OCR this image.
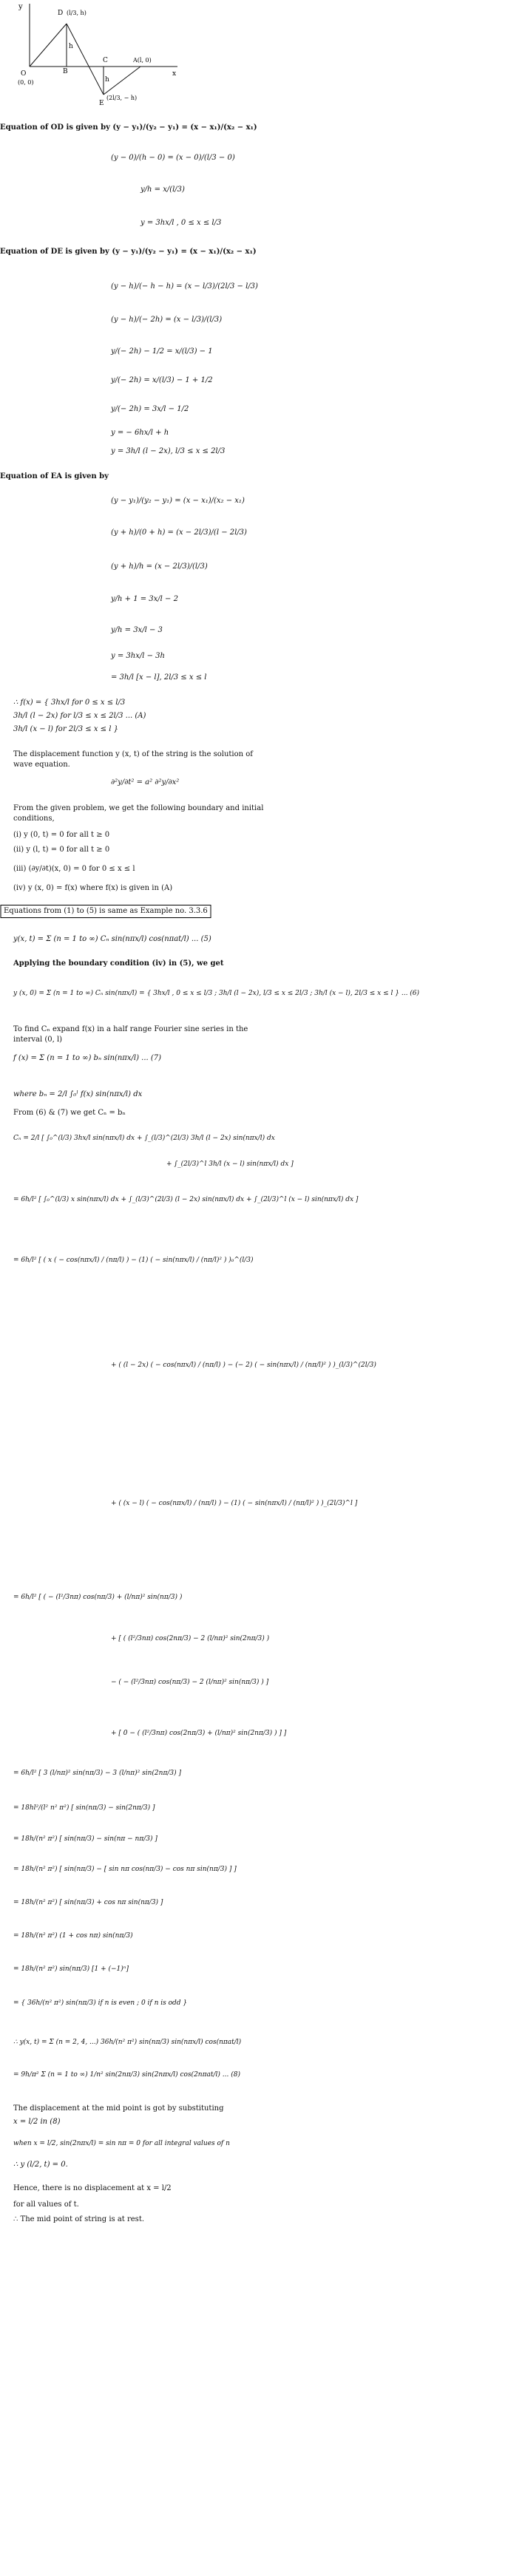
y
O
(0, 0)
B
D (l/3, h)
C	A(l, 0)
E
(2l/3, − h)
x
h
h
Equation of OD is given by (y − y₁)/(y₂ − y₁) = (x − x₁)/(x₂ − x₁)
(y − 0)/(h − 0) = (x − 0)/(l/3 − 0)
y/h = x/(l/3)
y = 3hx/l , 0 ≤ x ≤ l/3
Equation of DE is given by (y − y₁)/(y₂ − y₁) = (x − x₁)/(x₂ − x₁)
(y − h)/(− h − h) = (x − l/3)/(2l/3 − l/3)
(y − h)/(− 2h) = (x − l/3)/(l/3)
y/(− 2h) − 1/2 = x/(l/3) − 1
y/(− 2h) = x/(l/3) − 1 + 1/2
y/(− 2h) = 3x/l − 1/2
y = − 6hx/l + h
y = 3h/l (l − 2x), l/3 ≤ x ≤ 2l/3
Equation of EA is given by
(y − y₁)/(y₂ − y₁) = (x − x₁)/(x₂ − x₁)
(y + h)/(0 + h) = (x − 2l/3)/(l − 2l/3)
(y + h)/h = (x − 2l/3)/(l/3)
y/h + 1 = 3x/l − 2
y/h = 3x/l − 3
y = 3hx/l − 3h
= 3h/l [x − l], 2l/3 ≤ x ≤ l
∴ f(x) = { 3hx/l for 0 ≤ x ≤ l/3
3h/l (l − 2x) for l/3 ≤ x ≤ 2l/3 ... (A)
3h/l (x − l) for 2l/3 ≤ x ≤ l }
The displacement function y (x, t) of the string is the solution of
wave equation.
∂²y/∂t² = a² ∂²y/∂x²
From the given problem, we get the following boundary and initial
conditions,
(i) y (0, t) = 0 for all t ≥ 0
(ii) y (l, t) = 0 for all t ≥ 0
(iii) (∂y/∂t)(x, 0) = 0 for 0 ≤ x ≤ l
(iv) y (x, 0) = f(x) where f(x) is given in (A)
Equations from (1) to (5) is same as Example no. 3.3.6
y(x, t) = Σ (n = 1 to ∞) Cₙ sin(nπx/l) cos(nπat/l) ... (5)
Applying the boundary condition (iv) in (5), we get
y (x, 0) = Σ (n = 1 to ∞) Cₙ sin(nπx/l) = { 3hx/l , 0 ≤ x ≤ l/3 ; 3h/l (l − 2x), l/3 ≤ x ≤ 2l/3 ; 3h/l (x − l), 2l/3 ≤ x ≤ l } ... (6)
To find Cₙ expand f(x) in a half range Fourier sine series in the
interval (0, l)
f (x) = Σ (n = 1 to ∞) bₙ sin(nπx/l) ... (7)
where bₙ = 2/l ∫₀ˡ f(x) sin(nπx/l) dx
From (6) & (7) we get Cₙ = bₙ
Cₙ = 2/l [ ∫₀^(l/3) 3hx/l sin(nπx/l) dx + ∫_(l/3)^(2l/3) 3h/l (l − 2x) sin(nπx/l) dx
+ ∫_(2l/3)^l 3h/l (x − l) sin(nπx/l) dx ]
= 6h/l² [ ∫₀^(l/3) x sin(nπx/l) dx + ∫_(l/3)^(2l/3) (l − 2x) sin(nπx/l) dx + ∫_(2l/3)^l (x − l) sin(nπx/l) dx ]
= 6h/l² [ ( x ( − cos(nπx/l) / (nπ/l) ) − (1) ( − sin(nπx/l) / (nπ/l)² ) )₀^(l/3)
+ ( (l − 2x) ( − cos(nπx/l) / (nπ/l) ) − (− 2) ( − sin(nπx/l) / (nπ/l)² ) )_(l/3)^(2l/3)
+ ( (x − l) ( − cos(nπx/l) / (nπ/l) ) − (1) ( − sin(nπx/l) / (nπ/l)² ) )_(2l/3)^l ]
= 6h/l² [ ( − (l²/3nπ) cos(nπ/3) + (l/nπ)² sin(nπ/3) )
+ [ ( (l²/3nπ) cos(2nπ/3) − 2 (l/nπ)² sin(2nπ/3) )
− ( − (l²/3nπ) cos(nπ/3) − 2 (l/nπ)² sin(nπ/3) ) ]
+ [ 0 − ( (l²/3nπ) cos(2nπ/3) + (l/nπ)² sin(2nπ/3) ) ] ]
= 6h/l² [ 3 (l/nπ)² sin(nπ/3) − 3 (l/nπ)² sin(2nπ/3) ]
= 18hl²/(l² n² π²) [ sin(nπ/3) − sin(2nπ/3) ]
= 18h/(n² π²) [ sin(nπ/3) − sin(nπ − nπ/3) ]
= 18h/(n² π²) [ sin(nπ/3) − [ sin nπ cos(nπ/3) − cos nπ sin(nπ/3) ] ]
= 18h/(n² π²) [ sin(nπ/3) + cos nπ sin(nπ/3) ]
= 18h/(n² π²) (1 + cos nπ) sin(nπ/3)
= 18h/(n² π²) sin(nπ/3) [1 + (−1)ⁿ]
= { 36h/(n² π²) sin(nπ/3) if n is even ; 0 if n is odd }
∴ y(x, t) = Σ (n = 2, 4, ...) 36h/(n² π²) sin(nπ/3) sin(nπx/l) cos(nπat/l)
= 9h/π² Σ (n = 1 to ∞) 1/n² sin(2nπ/3) sin(2nπx/l) cos(2nπat/l) ... (8)
The displacement at the mid point is got by substituting
x = l/2 in (8)
when x = l/2, sin(2nπx/l) = sin nπ = 0 for all integral values of n
∴ y (l/2, t) = 0.
Hence, there is no displacement at x = l/2
for all values of t.
∴ The mid point of string is at rest.
